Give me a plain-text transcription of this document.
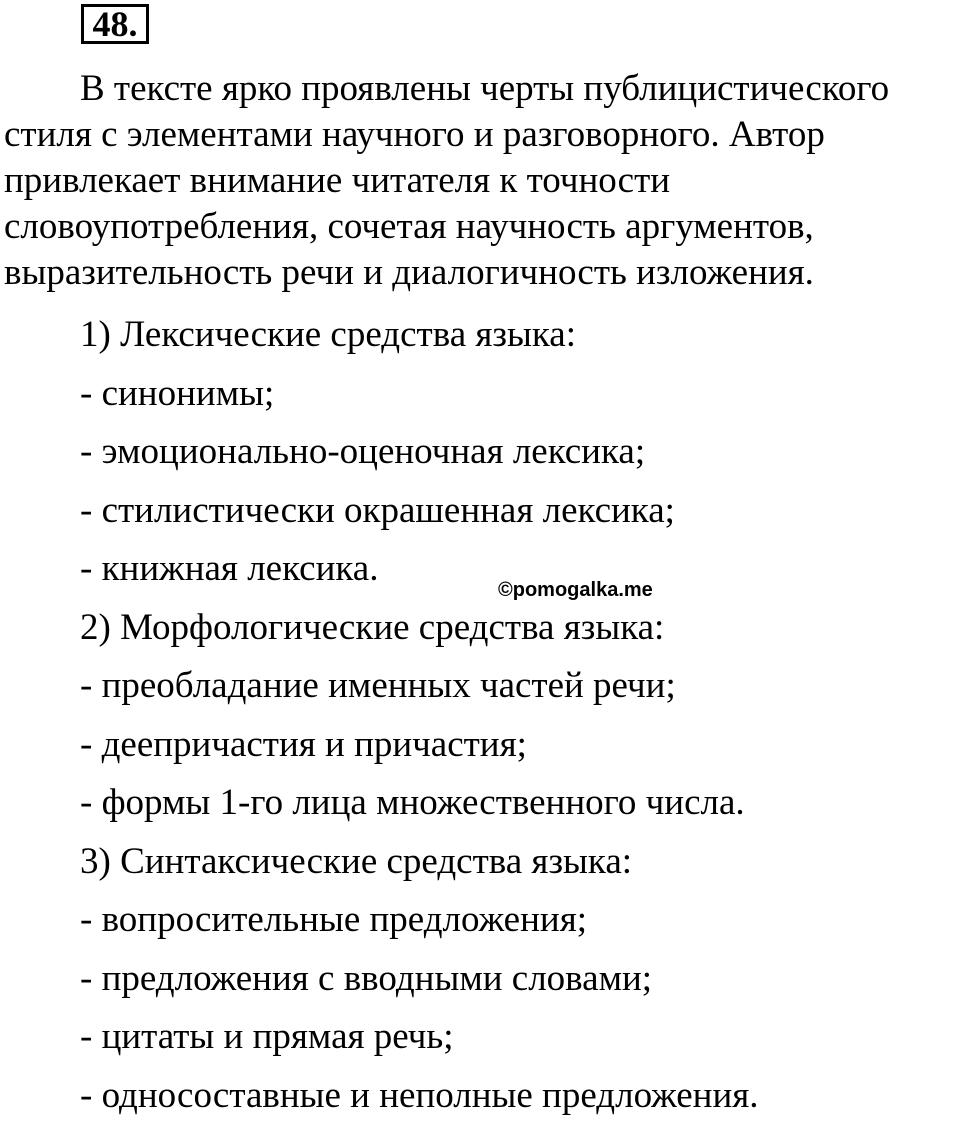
48.

В тексте ярко проявлены черты публицистического
стиля с элементами научного и разговорного. Автор
привлекает внимание читателя к точности
словоупотребления, сочетая научность аргументов,
выразительность речи и диалогичность изложения.

1) Лексические средства языка:
- синонимы;
- эмоционально-оценочная лексика;
- стилистически окрашенная лексика;
- книжная лексика.
2) Морфологические средства языка:
- преобладание именных частей речи;
- деепричастия и причастия;
- формы 1-го лица множественного числа.
3) Синтаксические средства языка:
- вопросительные предложения;
- предложения с вводными словами;
- цитаты и прямая речь;
- односоставные и неполные предложения.
©pomogalka.me
